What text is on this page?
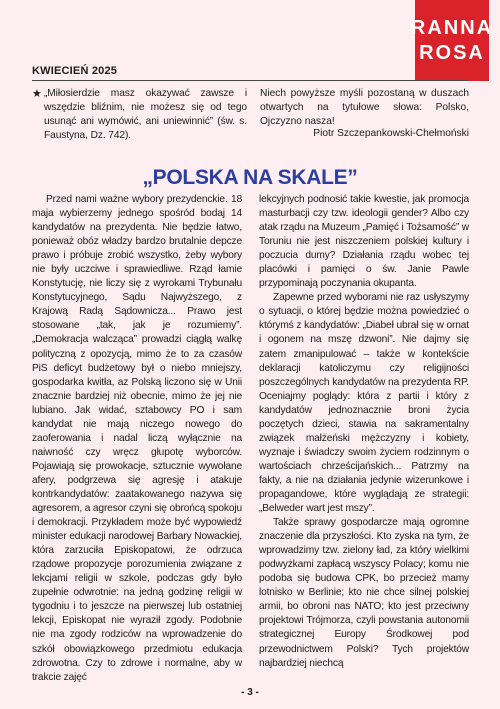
RANNA
ROSA
KWIECIEŃ 2025
★ „Miłosierdzie masz okazywać zawsze i wszędzie bliźnim, nie możesz się od tego usunąć ani wymówić, ani uniewinnić” (św. s. Faustyna, Dz. 742).
Niech powyższe myśli pozostaną w duszach otwartych na tytułowe słowa: Polsko, Ojczyzno nasza!
Piotr Szczepankowski-Chełmoński
„POLSKA NA SKALE”

Przed nami ważne wybory prezydenckie. 18 maja wybierzemy jednego spośród bodaj 14 kandydatów na prezydenta. Nie będzie łatwo, ponieważ obóz władzy bardzo brutalnie depcze prawo i próbuje zrobić wszystko, żeby wybory nie były uczciwe i sprawiedliwe. Rząd łamie Konstytucję, nie liczy się z wyrokami Trybunału Konstytucyjnego, Sądu Najwyższego, z Krajową Radą Sądownicza... Prawo jest stosowane „tak, jak je rozumiemy”. „Demokracja walcząca” prowadzi ciągłą walkę polityczną z opozycją, mimo że to za czasów PiS deficyt budżetowy był o niebo mniejszy, gospodarka kwitła, az Polską liczono się w Unii znacznie bardziej niż obecnie, mimo że jej nie lubiano. Jak widać, sztabowcy PO i sam kandydat nie mają niczego nowego do zaoferowania i nadal liczą wyłącznie na naiwność czy wręcz głupotę wyborców. Pojawiają się prowokacje, sztucznie wywołane afery, podgrzewa się agresję i atakuje kontrkandydatów: zaatakowanego nazywa się agresorem, a agresor czyni się obrońcą spokoju i demokracji. Przykładem może być wypowiedź minister edukacji narodowej Barbary Nowackiej, która zarzuciła Episkopatowi, że odrzuca rządowe propozycje porozumienia związane z lekcjami religii w szkole, podczas gdy było zupełnie odwrotnie: na jedną godzinę religii w tygodniu i to jeszcze na pierwszej lub ostatniej lekcji, Episkopat nie wyraził zgody. Podobnie nie ma zgody rodziców na wprowadzenie do szkół obowiązkowego przedmiotu edukacja zdrowotna. Czy to zdrowe i normalne, aby w trakcie zajęć

lekcyjnych podnosić takie kwestie, jak promocja masturbacji czy tzw. ideologii gender? Albo czy atak rządu na Muzeum „Pamięć i Tożsamość” w Toruniu nie jest niszczeniem polskiej kultury i poczucia dumy? Działania rządu wobec tej placówki i pamięci o św. Janie Pawle przypominają poczynania okupanta.

Zapewne przed wyborami nie raz usłyszymy o sytuacji, o której będzie można powiedzieć o którymś z kandydatów: „Diabeł ubrał się w ornat i ogonem na mszę dzwoni”. Nie dajmy się zatem zmanipulować – także w kontekście deklaracji katoliczymu czy religijności poszczególnych kandydatów na prezydenta RP. Oceniajmy poglądy: która z partii i który z kandydatów jednoznacznie broni życia poczętych dzieci, stawia na sakramentalny związek małżeński mężczyzny i kobiety, wyznaje i świadczy swoim życiem rodzinnym o wartościach chrześcijańskich... Patrzmy na fakty, a nie na działania jedynie wizerunkowe i propagandowe, które wyglądają ze strategii: „Belweder wart jest mszy”.

Także sprawy gospodarcze mają ogromne znaczenie dla przyszłości. Kto zyska na tym, że wprowadzimy tzw. zielony ład, za który wielkimi podwyżkami zapłacą wszyscy Polacy; komu nie podoba się budowa CPK, bo przecież mamy lotnisko w Berlinie; kto nie chce silnej polskiej armii, bo obroni nas NATO; kto jest przeciwny projektowi Trójmorza, czyli powstania autonomii strategicznej Europy Środkowej pod przewodnictwem Polski? Tych projektów najbardziej niechcą

- 3 -
